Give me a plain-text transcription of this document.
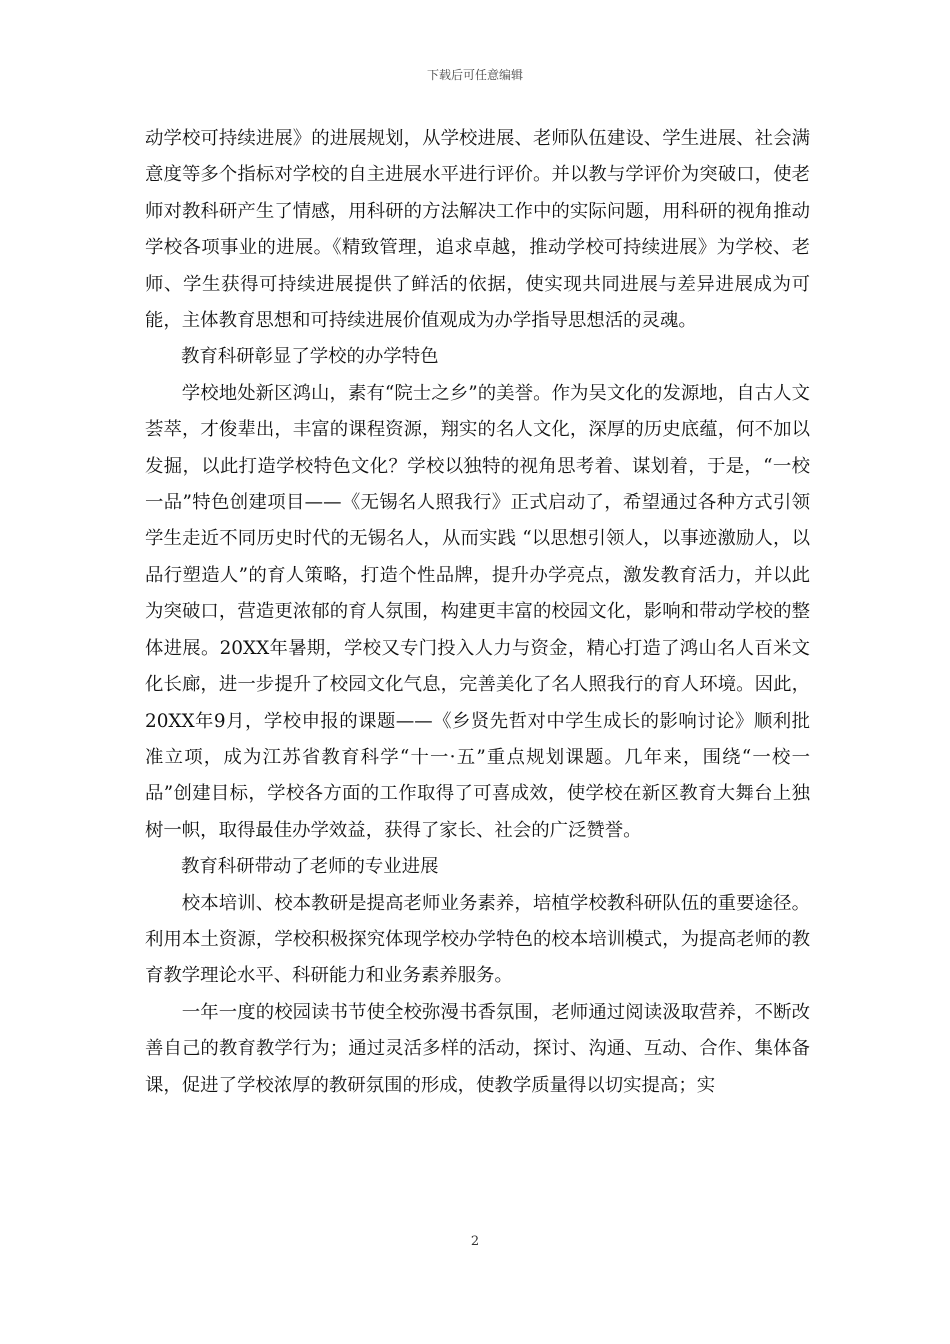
下载后可任意编辑

动学校可持续进展》的进展规划，从学校进展、老师队伍建设、学生进展、社会满意度等多个指标对学校的自主进展水平进行评价。并以教与学评价为突破口，使老师对教科研产生了情感，用科研的方法解决工作中的实际问题，用科研的视角推动学校各项事业的进展。《精致管理，追求卓越，推动学校可持续进展》为学校、老师、学生获得可持续进展提供了鲜活的依据，使实现共同进展与差异进展成为可能，主体教育思想和可持续进展价值观成为办学指导思想活的灵魂。

教育科研彰显了学校的办学特色

学校地处新区鸿山，素有“院士之乡”的美誉。作为吴文化的发源地，自古人文荟萃，才俊辈出，丰富的课程资源，翔实的名人文化，深厚的历史底蕴，何不加以发掘，以此打造学校特色文化？学校以独特的视角思考着、谋划着，于是，“一校一品”特色创建项目——《无锡名人照我行》正式启动了，希望通过各种方式引领学生走近不同历史时代的无锡名人，从而实践 “以思想引领人，以事迹激励人，以品行塑造人”的育人策略，打造个性品牌，提升办学亮点，激发教育活力，并以此为突破口，营造更浓郁的育人氛围，构建更丰富的校园文化，影响和带动学校的整体进展。20XX年暑期，学校又专门投入人力与资金，精心打造了鸿山名人百米文化长廊，进一步提升了校园文化气息，完善美化了名人照我行的育人环境。因此，20XX年9月，学校申报的课题——《乡贤先哲对中学生成长的影响讨论》顺利批准立项，成为江苏省教育科学“十一·五”重点规划课题。几年来，围绕“一校一品”创建目标，学校各方面的工作取得了可喜成效，使学校在新区教育大舞台上独树一帜，取得最佳办学效益，获得了家长、社会的广泛赞誉。

教育科研带动了老师的专业进展

校本培训、校本教研是提高老师业务素养，培植学校教科研队伍的重要途径。利用本土资源，学校积极探究体现学校办学特色的校本培训模式，为提高老师的教育教学理论水平、科研能力和业务素养服务。

一年一度的校园读书节使全校弥漫书香氛围，老师通过阅读汲取营养，不断改善自己的教育教学行为；通过灵活多样的活动，探讨、沟通、互动、合作、集体备课，促进了学校浓厚的教研氛围的形成，使教学质量得以切实提高；实

2
